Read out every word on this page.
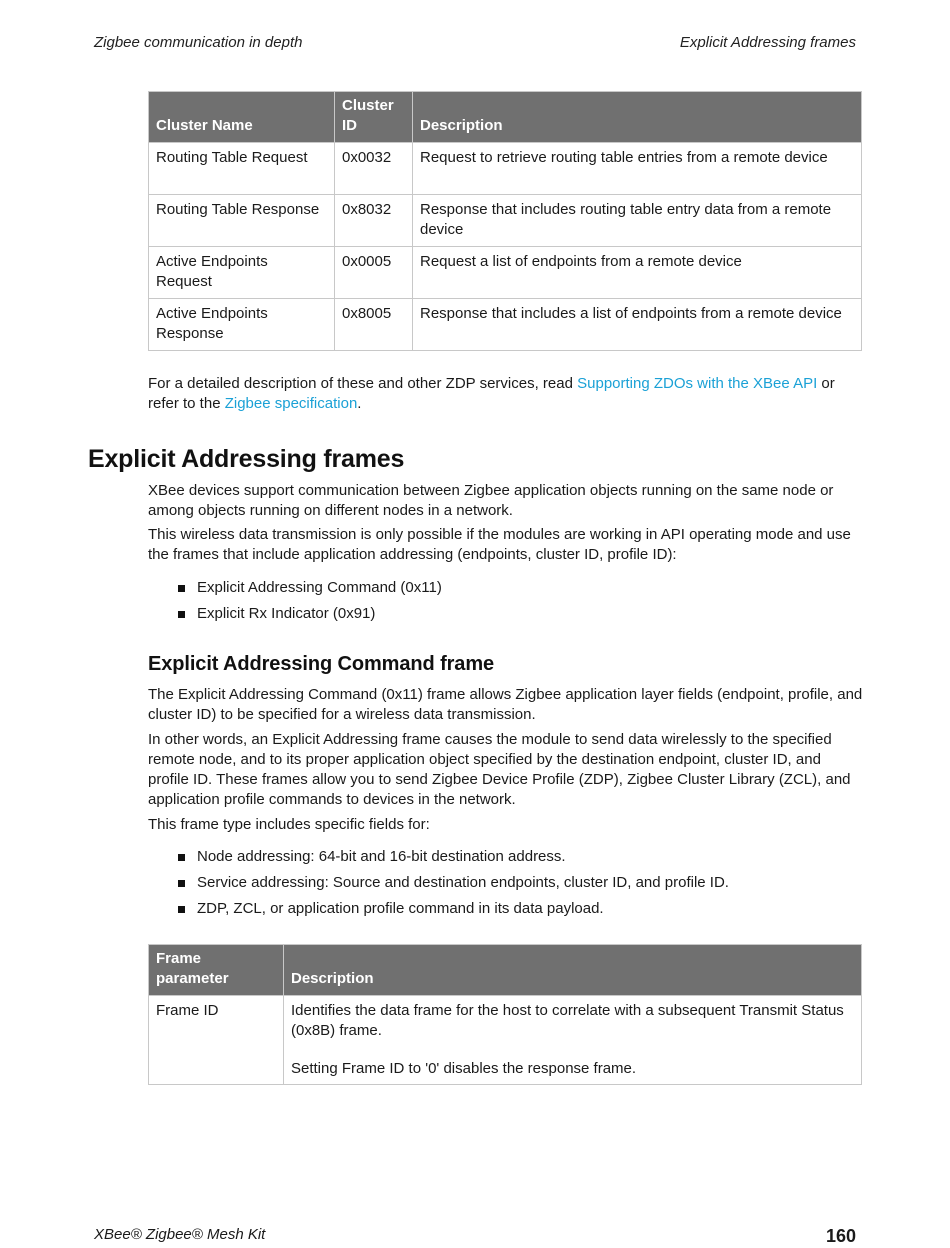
Zigbee communication in depth	Explicit Addressing frames
Cluster Name	Cluster ID	Description
Routing Table Request	0x0032	Request to retrieve routing table entries from a remote device
Routing Table Response	0x8032	Response that includes routing table entry data from a remote device
Active Endpoints Request	0x0005	Request a list of endpoints from a remote device
Active Endpoints Response	0x8005	Response that includes a list of endpoints from a remote device
For a detailed description of these and other ZDP services, read Supporting ZDOs with the XBee API or refer to the Zigbee specification.
Explicit Addressing frames
XBee devices support communication between Zigbee application objects running on the same node or among objects running on different nodes in a network.
This wireless data transmission is only possible if the modules are working in API operating mode and use the frames that include application addressing (endpoints, cluster ID, profile ID):
Explicit Addressing Command (0x11)
Explicit Rx Indicator (0x91)
Explicit Addressing Command frame
The Explicit Addressing Command (0x11) frame allows Zigbee application layer fields (endpoint, profile, and cluster ID) to be specified for a wireless data transmission.
In other words, an Explicit Addressing frame causes the module to send data wirelessly to the specified remote node, and to its proper application object specified by the destination endpoint, cluster ID, and profile ID. These frames allow you to send Zigbee Device Profile (ZDP), Zigbee Cluster Library (ZCL), and application profile commands to devices in the network.
This frame type includes specific fields for:
Node addressing: 64-bit and 16-bit destination address.
Service addressing: Source and destination endpoints, cluster ID, and profile ID.
ZDP, ZCL, or application profile command in its data payload.
Frame parameter	Description
Frame ID	Identifies the data frame for the host to correlate with a subsequent Transmit Status (0x8B) frame.
Setting Frame ID to '0' disables the response frame.
XBee® Zigbee® Mesh Kit	160
